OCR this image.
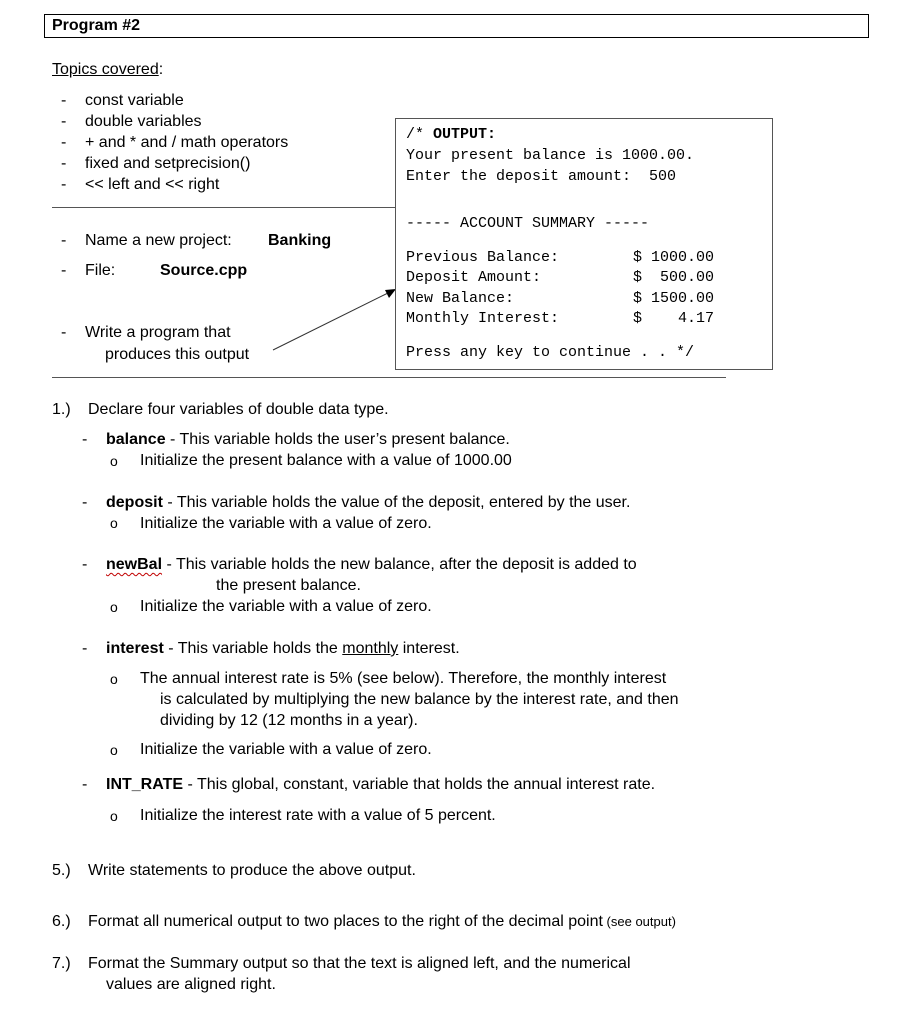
Program #2
Topics covered:
- const variable
- double variables
- + and * and / math operators
- fixed and setprecision()
- << left and << right
- Name a new project: Banking
- File:	Source.cpp
- Write a program that
produces this output
/* OUTPUT:
Your present balance is 1000.00.
Enter the deposit amount:  500
----- ACCOUNT SUMMARY -----
Previous Balance:	$ 1000.00
Deposit Amount:	$  500.00
New Balance:	$ 1500.00
Monthly Interest:	$    4.17
Press any key to continue . . */
1.) Declare four variables of double data type.
- balance - This variable holds the user’s present balance.
o Initialize the present balance with a value of 1000.00
- deposit - This variable holds the value of the deposit, entered by the user.
o Initialize the variable with a value of zero.
- newBal - This variable holds the new balance, after the deposit is added to
the present balance.
o Initialize the variable with a value of zero.
- interest - This variable holds the monthly interest.
o The annual interest rate is 5% (see below). Therefore, the monthly interest
is calculated by multiplying the new balance by the interest rate, and then
dividing by 12 (12 months in a year).
o Initialize the variable with a value of zero.
- INT_RATE - This global, constant, variable that holds the annual interest rate.
o Initialize the interest rate with a value of 5 percent.
5.) Write statements to produce the above output.
6.) Format all numerical output to two places to the right of the decimal point (see output)
7.) Format the Summary output so that the text is aligned left, and the numerical
values are aligned right.
